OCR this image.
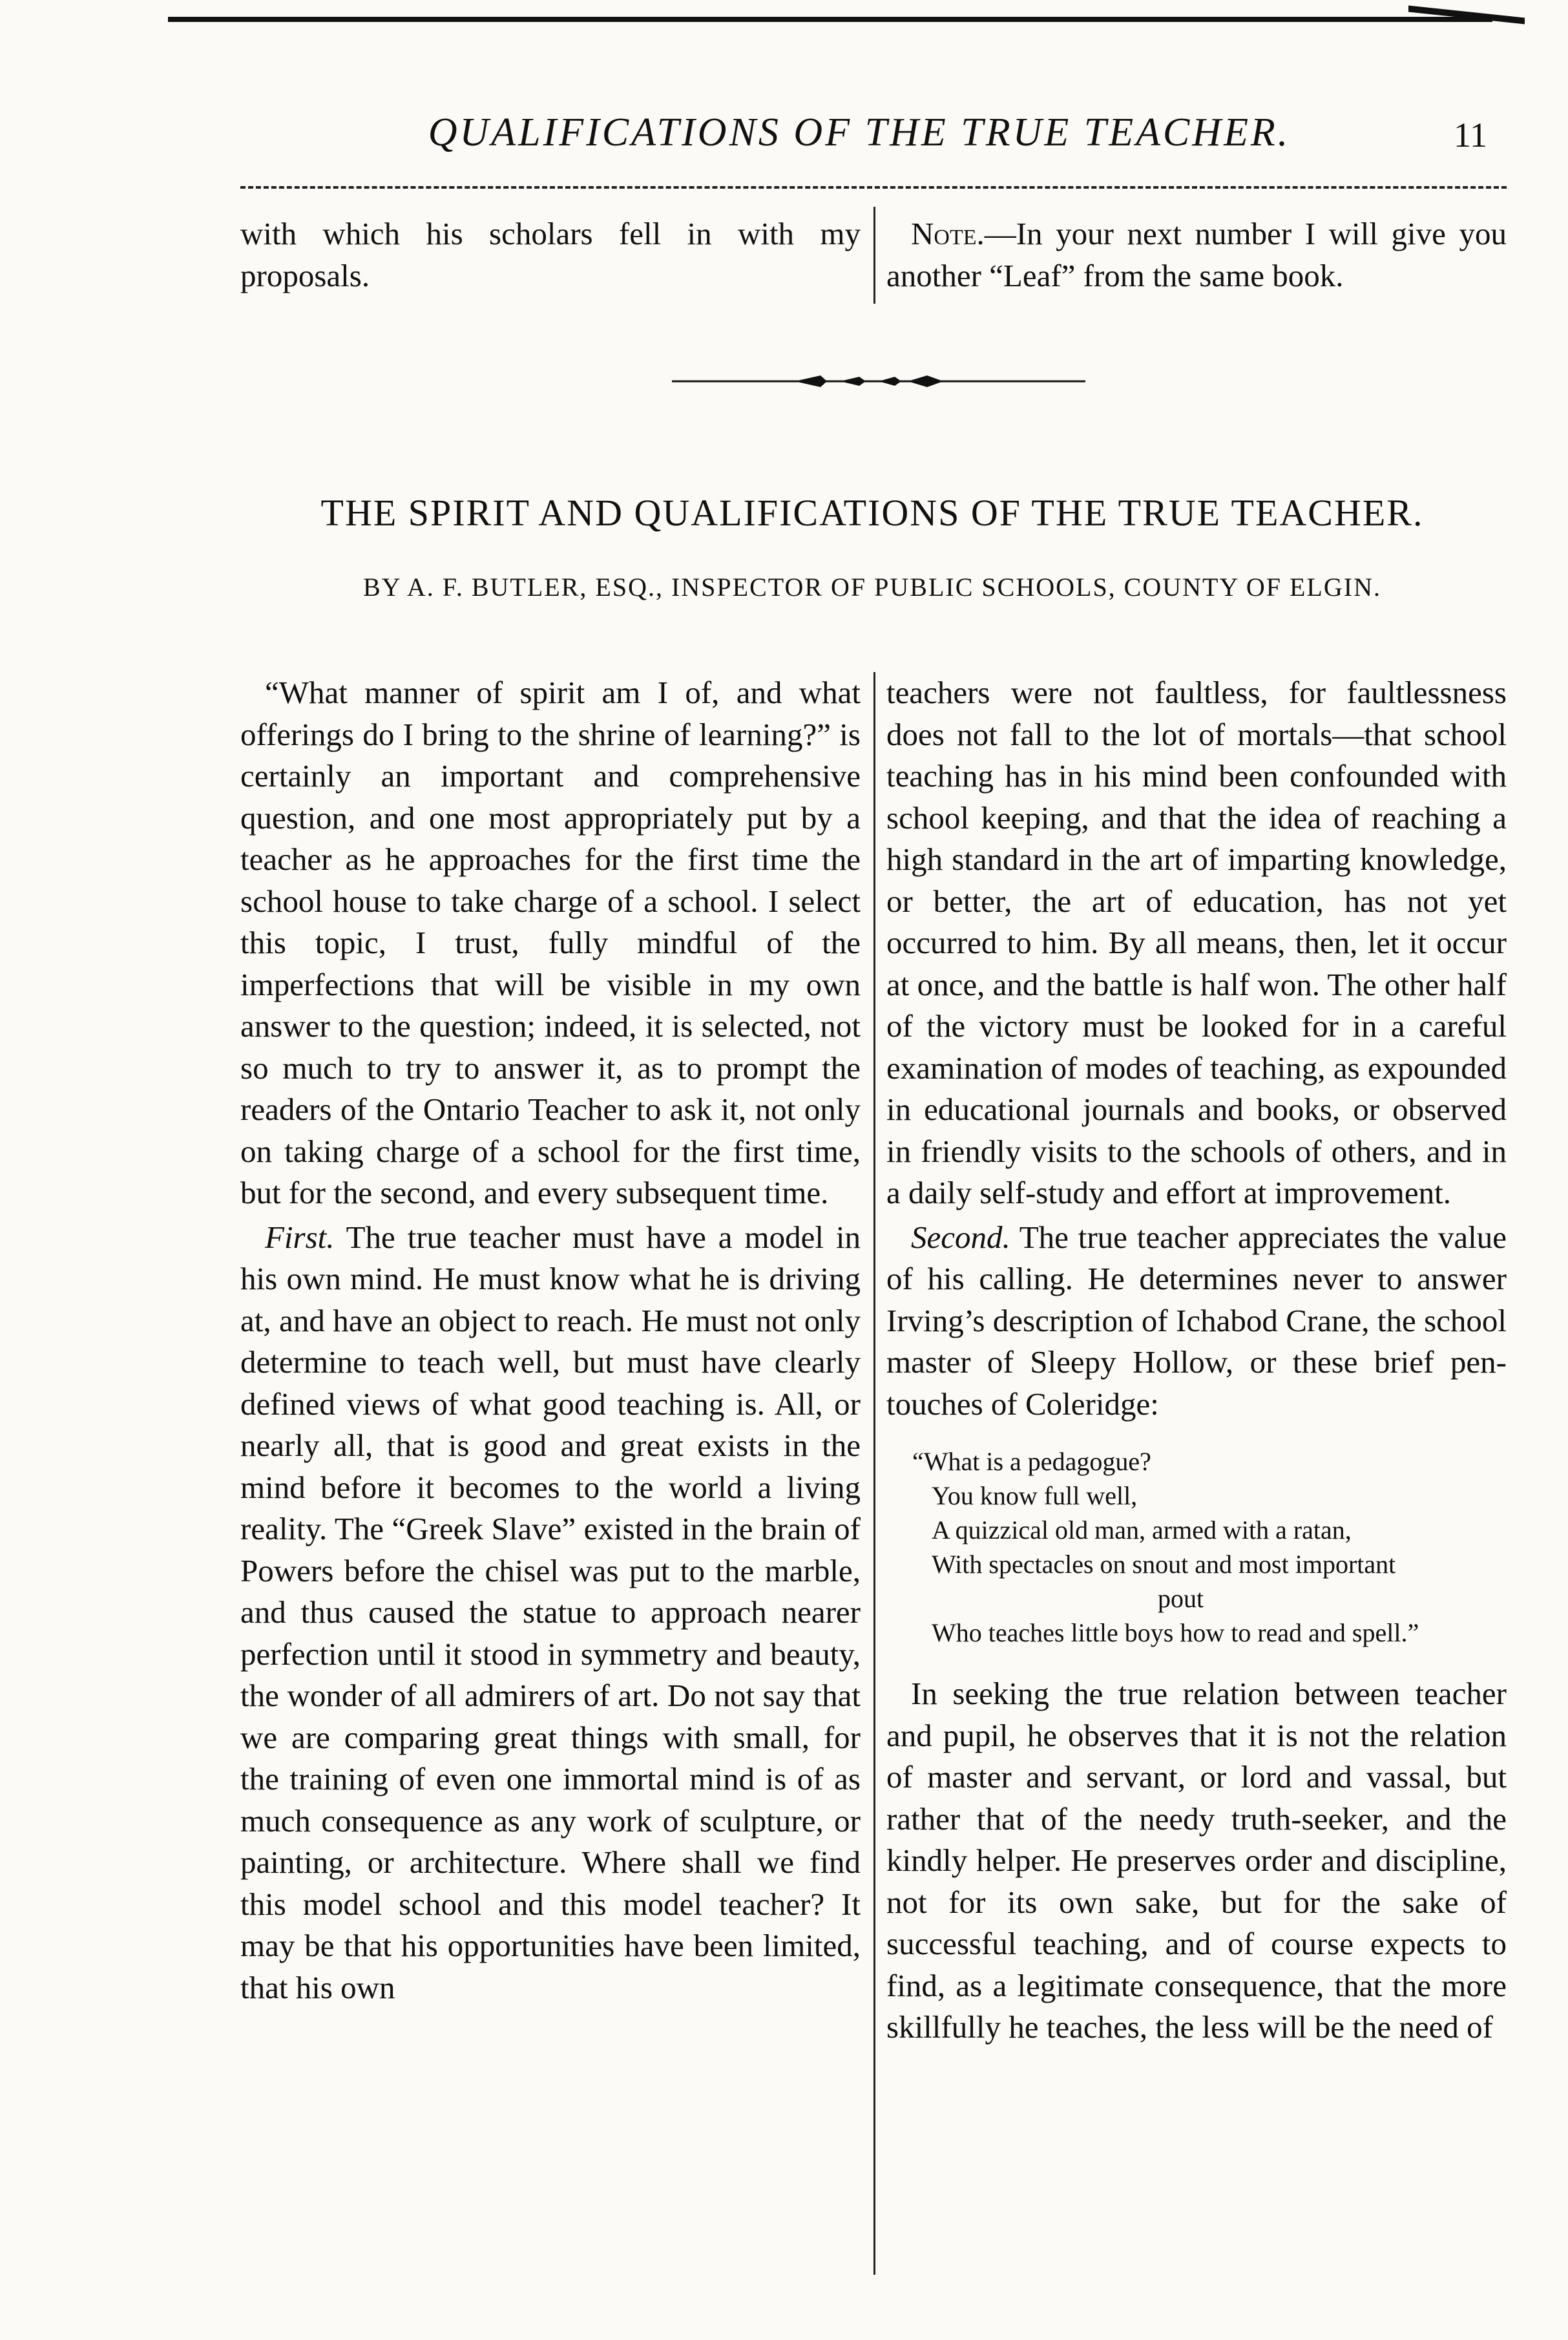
QUALIFICATIONS OF THE TRUE TEACHER.	11
with which his scholars fell in with my proposals.
Note.—In your next number I will give you another “Leaf” from the same book.
THE SPIRIT AND QUALIFICATIONS OF THE TRUE TEACHER.
BY A. F. BUTLER, ESQ., INSPECTOR OF PUBLIC SCHOOLS, COUNTY OF ELGIN.
“What manner of spirit am I of, and what offerings do I bring to the shrine of learning?” is certainly an important and comprehensive question, and one most appropriately put by a teacher as he approaches for the first time the school house to take charge of a school. I select this topic, I trust, fully mindful of the imperfections that will be visible in my own answer to the question; indeed, it is selected, not so much to try to answer it, as to prompt the readers of the Ontario Teacher to ask it, not only on taking charge of a school for the first time, but for the second, and every subsequent time.
First. The true teacher must have a model in his own mind. He must know what he is driving at, and have an object to reach. He must not only determine to teach well, but must have clearly defined views of what good teaching is. All, or nearly all, that is good and great exists in the mind before it becomes to the world a living reality. The “Greek Slave” existed in the brain of Powers before the chisel was put to the marble, and thus caused the statue to approach nearer perfection until it stood in symmetry and beauty, the wonder of all admirers of art. Do not say that we are comparing great things with small, for the training of even one immortal mind is of as much consequence as any work of sculpture, or painting, or architecture. Where shall we find this model school and this model teacher? It may be that his opportunities have been limited, that his own
teachers were not faultless, for faultlessness does not fall to the lot of mortals—that school teaching has in his mind been confounded with school keeping, and that the idea of reaching a high standard in the art of imparting knowledge, or better, the art of education, has not yet occurred to him. By all means, then, let it occur at once, and the battle is half won. The other half of the victory must be looked for in a careful examination of modes of teaching, as expounded in educational journals and books, or observed in friendly visits to the schools of others, and in a daily self-study and effort at improvement.
Second. The true teacher appreciates the value of his calling. He determines never to answer Irving’s description of Ichabod Crane, the school master of Sleepy Hollow, or these brief pen-touches of Coleridge:
“What is a pedagogue?
You know full well,
A quizzical old man, armed with a ratan,
With spectacles on snout and most important
pout
Who teaches little boys how to read and spell.”
In seeking the true relation between teacher and pupil, he observes that it is not the relation of master and servant, or lord and vassal, but rather that of the needy truth-seeker, and the kindly helper. He preserves order and discipline, not for its own sake, but for the sake of successful teaching, and of course expects to find, as a legitimate consequence, that the more skillfully he teaches, the less will be the need of
